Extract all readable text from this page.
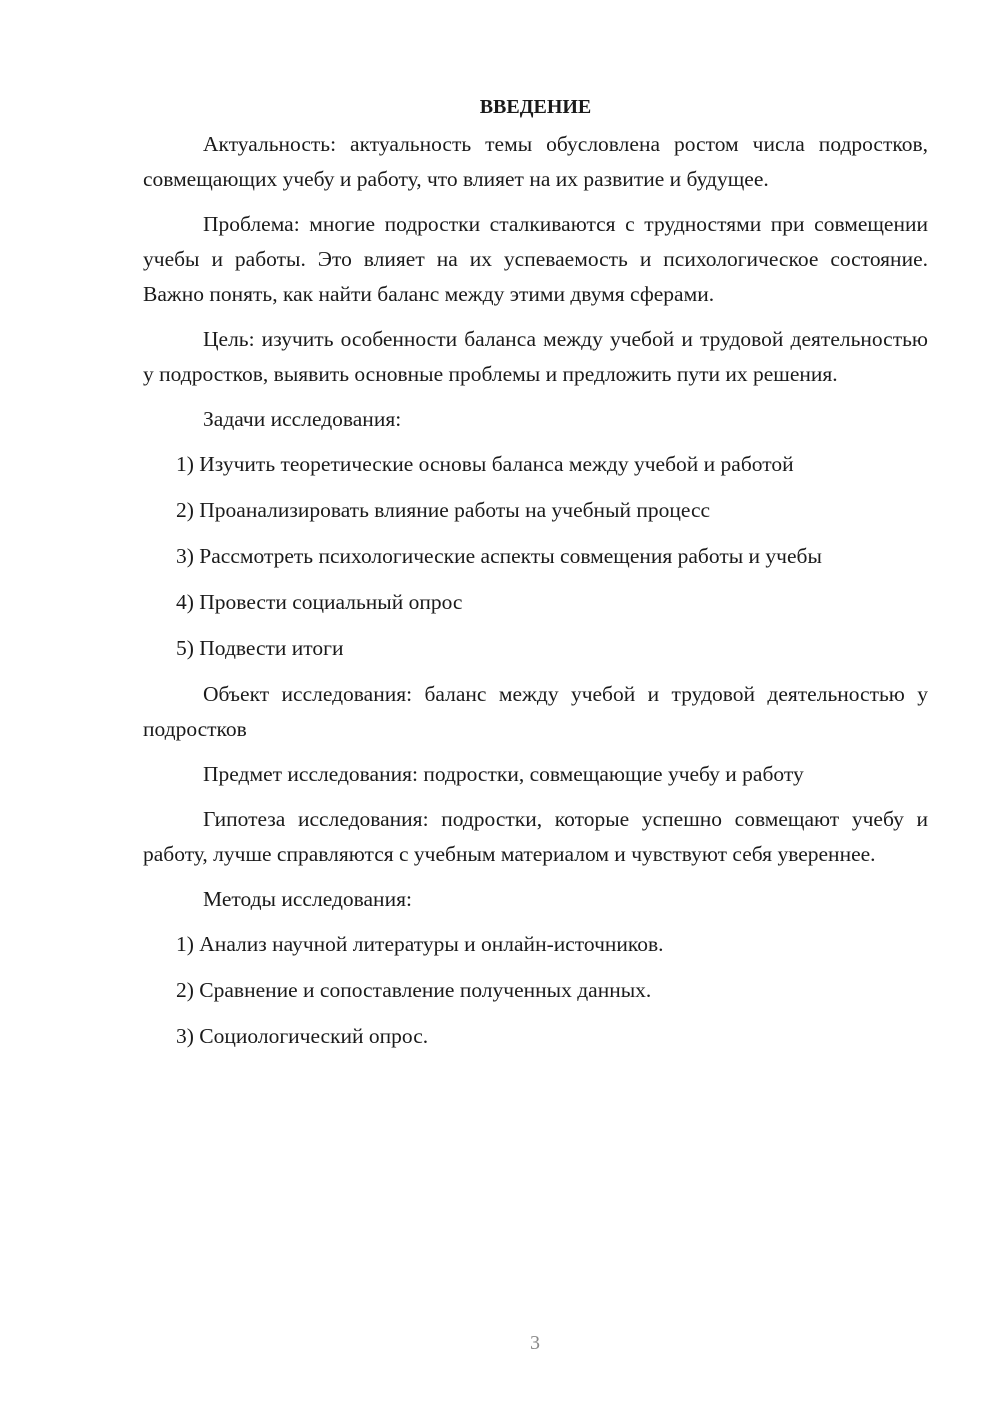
ВВЕДЕНИЕ

Актуальность: актуальность темы обусловлена ростом числа подростков, совмещающих учебу и работу, что влияет на их развитие и будущее.

Проблема: многие подростки сталкиваются с трудностями при совмещении учебы и работы. Это влияет на их успеваемость и психологическое состояние. Важно понять, как найти баланс между этими двумя сферами.

Цель: изучить особенности баланса между учебой и трудовой деятельностью у подростков, выявить основные проблемы и предложить пути их решения.

Задачи исследования:

1) Изучить теоретические основы баланса между учебой и работой
2) Проанализировать влияние работы на учебный процесс
3) Рассмотреть психологические аспекты совмещения работы и учебы
4) Провести социальный опрос
5) Подвести итоги

Объект исследования: баланс между учебой и трудовой деятельностью у подростков

Предмет исследования: подростки, совмещающие учебу и работу

Гипотеза исследования: подростки, которые успешно совмещают учебу и работу, лучше справляются с учебным материалом и чувствуют себя увереннее.

Методы исследования:

1) Анализ научной литературы и онлайн-источников.
2) Сравнение и сопоставление полученных данных.
3) Социологический опрос.
3
